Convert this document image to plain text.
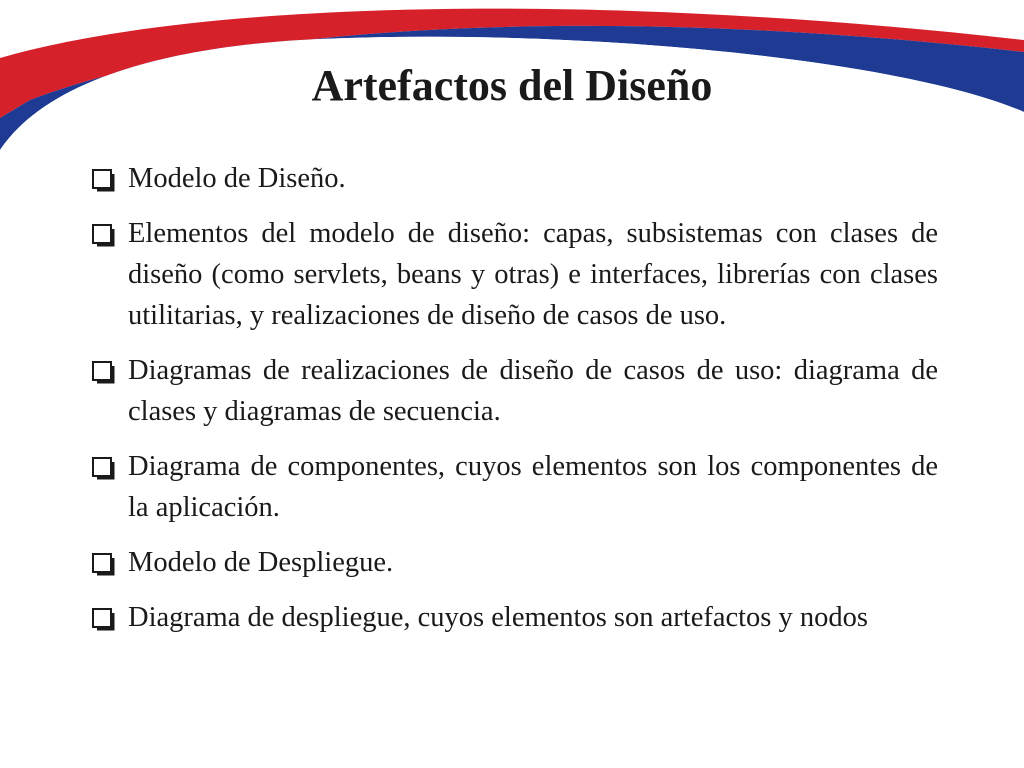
Artefactos del Diseño
Modelo de Diseño.
Elementos del modelo de diseño: capas, subsistemas con clases de diseño (como servlets, beans y otras) e interfaces, librerías con clases utilitarias, y realizaciones de diseño de casos de uso.
Diagramas de realizaciones de diseño de casos de uso: diagrama de clases y diagramas de secuencia.
Diagrama de componentes, cuyos elementos son los componentes de la aplicación.
Modelo de Despliegue.
Diagrama de despliegue, cuyos elementos son artefactos y nodos
